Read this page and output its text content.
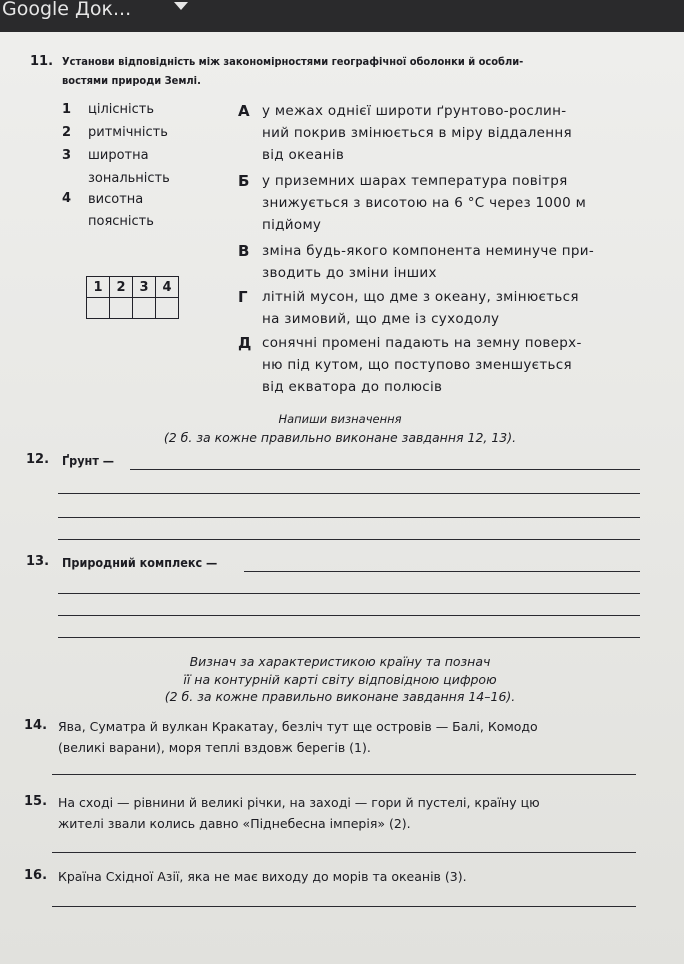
Google Док...
11. Установи відповідність між закономірностями географічної оболонки й особли-
востями природи Землі.
1 цілісність
2 ритмічність
3 широтна
зональність
4 висотна
поясність
1	2	3	4

А у межах однієї широти ґрунтово-рослин-
ний покрив змінюється в міру віддалення
від океанів
Б у приземних шарах температура повітря
знижується з висотою на 6 °С через 1000 м
підйому
В зміна будь-якого компонента неминуче при-
зводить до зміни інших
Г літній мусон, що дме з океану, змінюється
на зимовий, що дме із суходолу
Д сонячні промені падають на земну поверх-
ню під кутом, що поступово зменшується
від екватора до полюсів
Напиши визначення
(2 б. за кожне правильно виконане завдання 12, 13).
12. Ґрунт —
13. Природний комплекс —
Визнач за характеристикою країну та познач
її на контурній карті світу відповідною цифрою
(2 б. за кожне правильно виконане завдання 14–16).
14. Ява, Суматра й вулкан Кракатау, безліч тут ще островів — Балі, Комодо
(великі варани), моря теплі вздовж берегів (1).
15. На сході — рівнини й великі річки, на заході — гори й пустелі, країну цю
жителі звали колись давно «Піднебесна імперія» (2).
16. Країна Східної Азії, яка не має виходу до морів та океанів (3).
